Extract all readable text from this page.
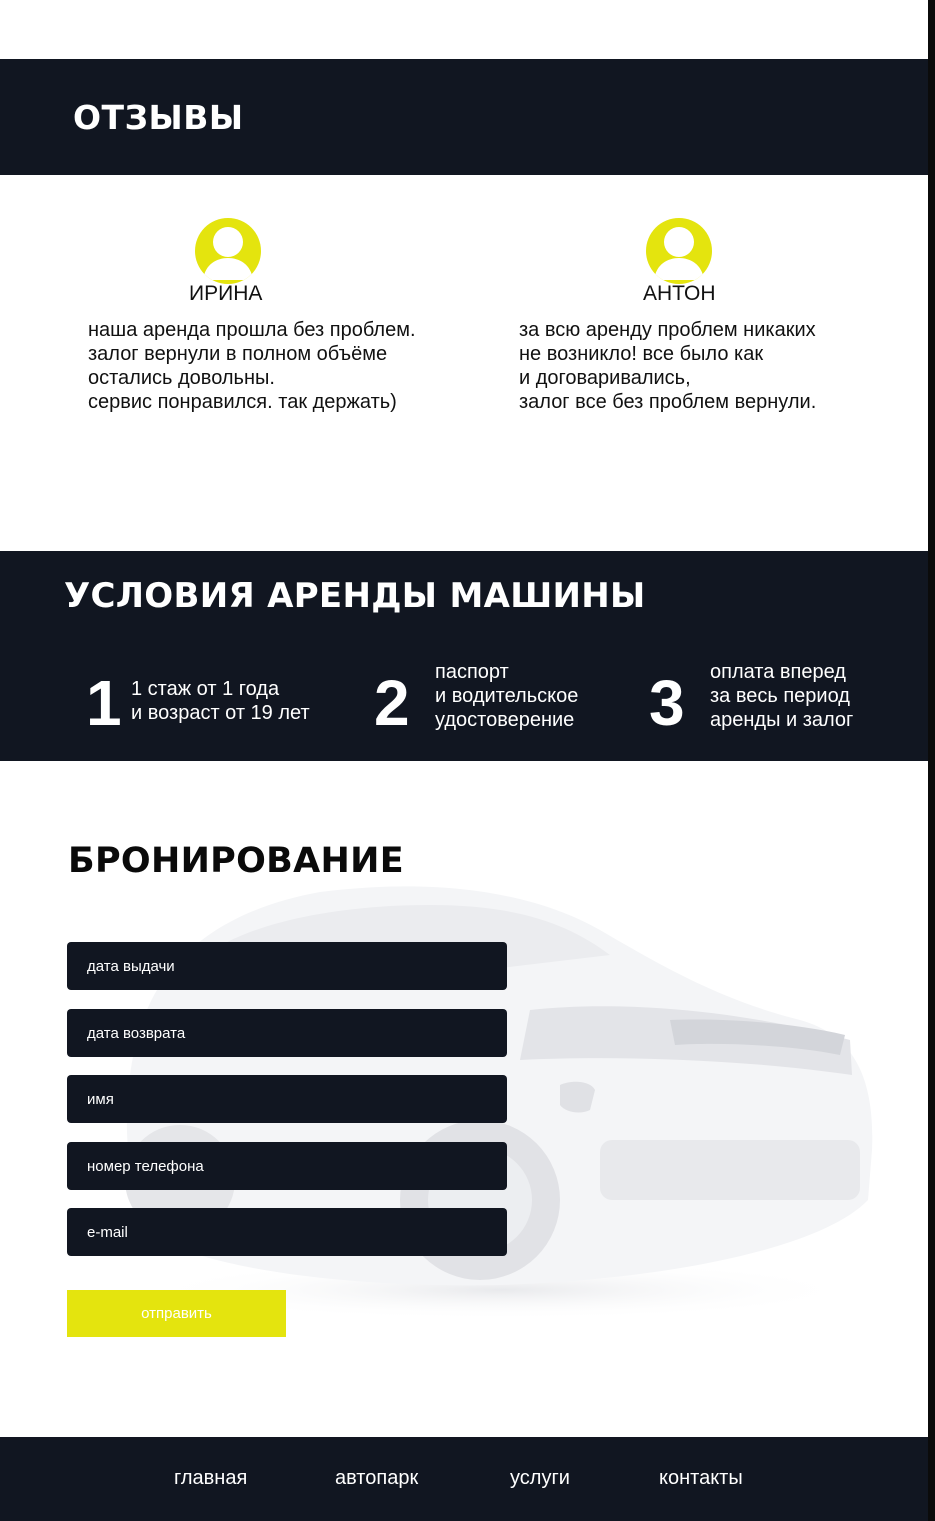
ОТЗЫВЫ
ИРИНА
наша аренда прошла без проблем.
залог вернули в полном объёме
остались довольны.
сервис понравился. так держать)
АНТОН
за всю аренду проблем никаких
не возникло! все было как
и договаривались,
залог все без проблем вернули.
УСЛОВИЯ АРЕНДЫ МАШИНЫ
1 1 стаж от 1 года
и возраст от 19 лет 2 паспорт
и водительское
удостоверение 3 оплата вперед
за весь период
аренды и залог
БРОНИРОВАНИЕ
дата выдачи
дата возврата
имя
номер телефона
e-mail
отправить
главная	автопарк	услуги	контакты
